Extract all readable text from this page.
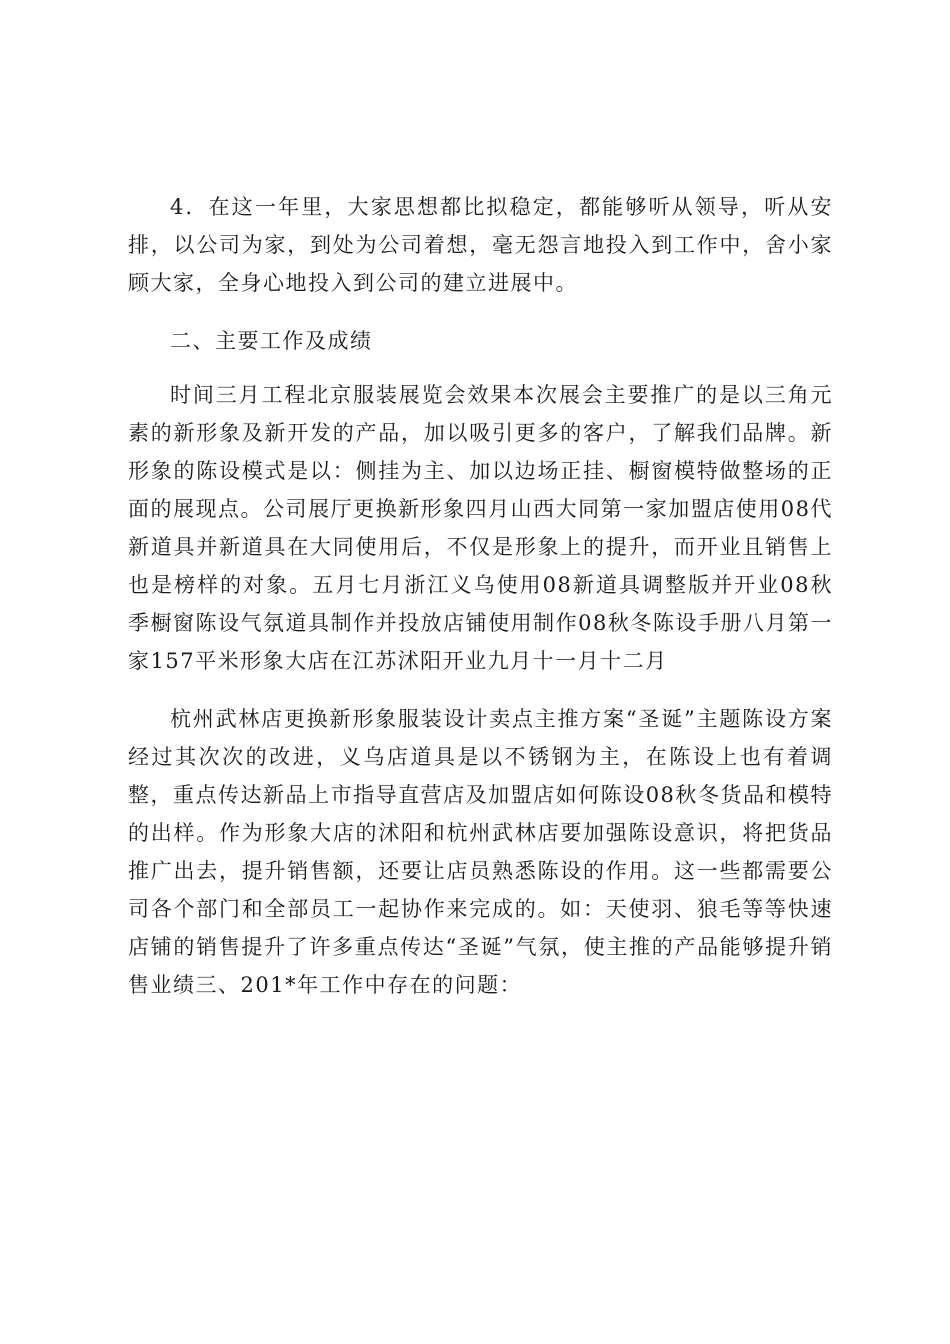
4．在这一年里，大家思想都比拟稳定，都能够听从领导，听从安排，以公司为家，到处为公司着想，毫无怨言地投入到工作中，舍小家顾大家，全身心地投入到公司的建立进展中。

二、主要工作及成绩

时间三月工程北京服装展览会效果本次展会主要推广的是以三角元素的新形象及新开发的产品，加以吸引更多的客户，了解我们品牌。新形象的陈设模式是以：侧挂为主、加以边场正挂、橱窗模特做整场的正面的展现点。公司展厅更换新形象四月山西大同第一家加盟店使用08代新道具并新道具在大同使用后，不仅是形象上的提升，而开业且销售上也是榜样的对象。五月七月浙江义乌使用08新道具调整版并开业08秋季橱窗陈设气氛道具制作并投放店铺使用制作08秋冬陈设手册八月第一家157平米形象大店在江苏沭阳开业九月十一月十二月

杭州武林店更换新形象服装设计卖点主推方案“圣诞”主题陈设方案经过其次次的改进，义乌店道具是以不锈钢为主，在陈设上也有着调整，重点传达新品上市指导直营店及加盟店如何陈设08秋冬货品和模特的出样。作为形象大店的沭阳和杭州武林店要加强陈设意识，将把货品推广出去，提升销售额，还要让店员熟悉陈设的作用。这一些都需要公司各个部门和全部员工一起协作来完成的。如：天使羽、狼毛等等快速店铺的销售提升了许多重点传达“圣诞”气氛，使主推的产品能够提升销售业绩三、201*年工作中存在的问题：
